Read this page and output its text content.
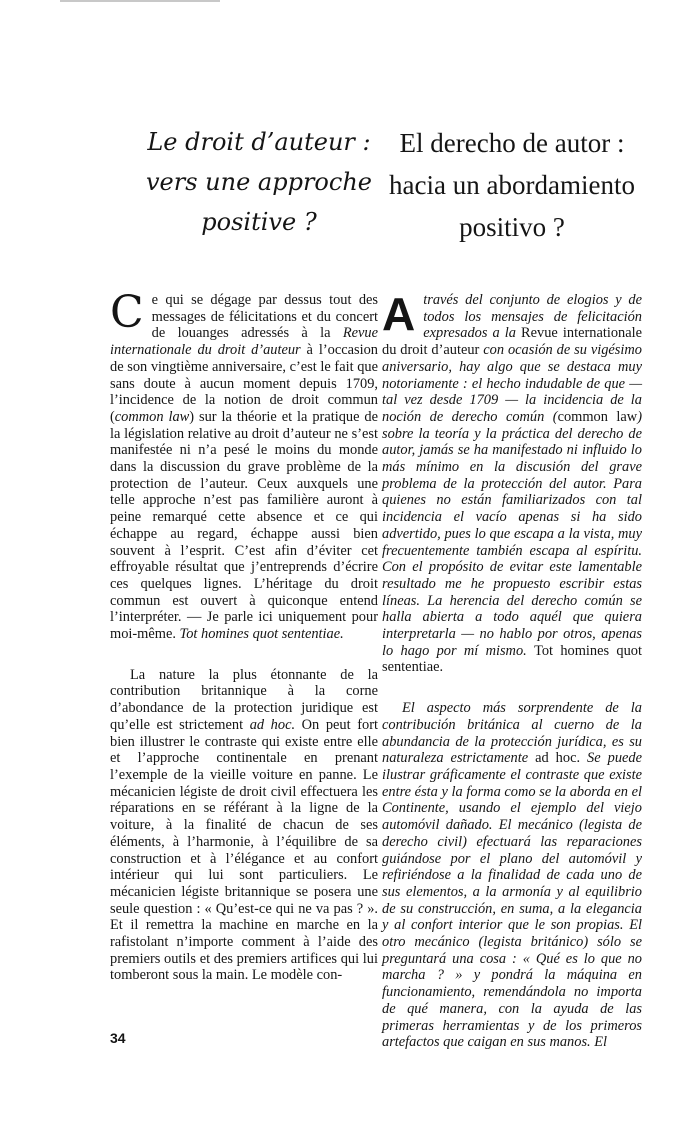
Le droit d’auteur :
vers une approche
positive ?

Ce qui se dégage par dessus tout des messages de félicitations et du concert de louanges adressés à la Revue internationale du droit d’auteur à l’occasion de son vingtième anniversaire, c’est le fait que sans doute à aucun moment depuis 1709, l’incidence de la notion de droit commun (common law) sur la théorie et la pratique de la législation relative au droit d’auteur ne s’est manifestée ni n’a pesé le moins du monde dans la discussion du grave problème de la protection de l’auteur. Ceux auxquels une telle approche n’est pas familière auront à peine remarqué cette absence et ce qui échappe au regard, échappe aussi bien souvent à l’esprit. C’est afin d’éviter cet effroyable résultat que j’entreprends d’écrire ces quelques lignes. L’héritage du droit commun est ouvert à quiconque entend l’interpréter. — Je parle ici uniquement pour moi-même. Tot homines quot sententiae.

La nature la plus étonnante de la contribution britannique à la corne d’abondance de la protection juridique est qu’elle est strictement ad hoc. On peut fort bien illustrer le contraste qui existe entre elle et l’approche continentale en prenant l’exemple de la vieille voiture en panne. Le mécanicien légiste de droit civil effectuera les réparations en se référant à la ligne de la voiture, à la finalité de chacun de ses éléments, à l’harmonie, à l’équilibre de sa construction et à l’élégance et au confort intérieur qui lui sont particuliers. Le mécanicien légiste britannique se posera une seule question : « Qu’est-ce qui ne va pas ? ». Et il remettra la machine en marche en la rafistolant n’importe comment à l’aide des premiers outils et des premiers artifices qui lui tomberont sous la main. Le modèle con-

El derecho de autor :
hacia un abordamiento
positivo ?

Através del conjunto de elogios y de todos los mensajes de felicitación expresados a la Revue internationale du droit d’auteur con ocasión de su vigésimo aniversario, hay algo que se destaca muy notoriamente : el hecho indudable de que — tal vez desde 1709 — la incidencia de la noción de derecho común (common law) sobre la teoría y la práctica del derecho de autor, jamás se ha manifestado ni influido lo más mínimo en la discusión del grave problema de la protección del autor. Para quienes no están familiarizados con tal incidencia el vacío apenas si ha sido advertido, pues lo que escapa a la vista, muy frecuentemente también escapa al espíritu. Con el propósito de evitar este lamentable resultado me he propuesto escribir estas líneas. La herencia del derecho común se halla abierta a todo aquél que quiera interpretarla — no hablo por otros, apenas lo hago por mí mismo. Tot homines quot sententiae.

El aspecto más sorprendente de la contribución británica al cuerno de la abundancia de la protección jurídica, es su naturaleza estrictamente ad hoc. Se puede ilustrar gráficamente el contraste que existe entre ésta y la forma como se la aborda en el Continente, usando el ejemplo del viejo automóvil dañado. El mecánico (legista de derecho civil) efectuará las reparaciones guiándose por el plano del automóvil y refiriéndose a la finalidad de cada uno de sus elementos, a la armonía y al equilibrio de su construcción, en suma, a la elegancia y al confort interior que le son propias. El otro mecánico (legista británico) sólo se preguntará una cosa : « Qué es lo que no marcha ? » y pondrá la máquina en funcionamiento, remendándola no importa de qué manera, con la ayuda de las primeras herramientas y de los primeros artefactos que caigan en sus manos. El

34
